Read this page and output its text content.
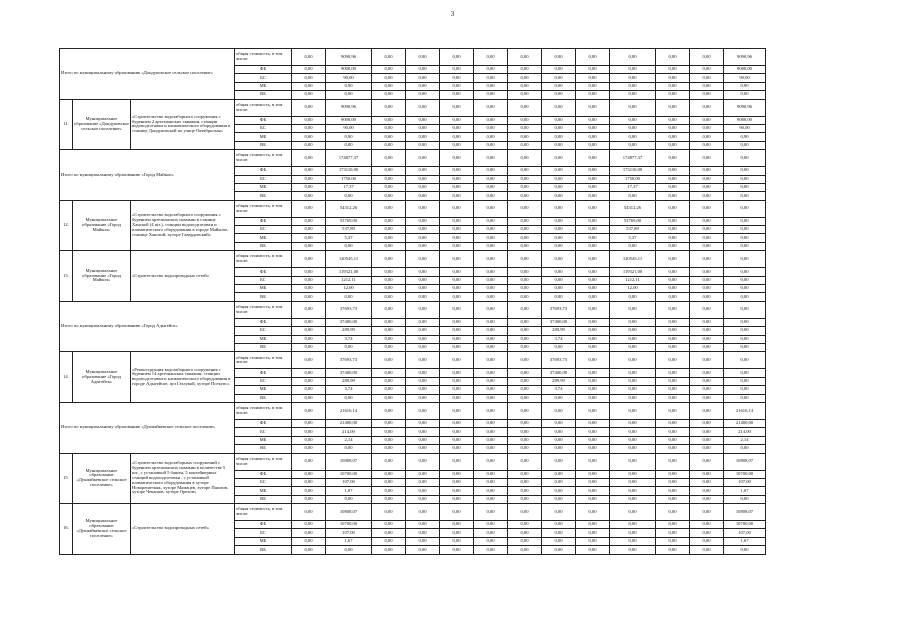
3
Итого по муниципальному образованию «Дондуковское сельское поселение»			общая стоимость, в том числе:	0,00	9090,96	0,00	0,00	0,00	0,00	0,00	0,00	0,00	0,00	0,00	0,00	9090,96
			ФБ	0,00	9000,00	0,00	0,00	0,00	0,00	0,00	0,00	0,00	0,00	0,00	0,00	9000,00
			БС	0,00	90,00	0,00	0,00	0,00	0,00	0,00	0,00	0,00	0,00	0,00	0,00	90,00
			МБ	0,00	0,90	0,00	0,00	0,00	0,00	0,00	0,00	0,00	0,00	0,00	0,00	0,90
			ВБ	0,00	0,00	0,00	0,00	0,00	0,00	0,00	0,00	0,00	0,00	0,00	0,00	0,00
11.	Муниципальное образование «Дондуковское сельское поселение»	«Строительство водозаборного сооружения с бурением 2 артезианских скважин, станции водоподготовки и климатического оборудования в станице Дондуковской по улице Октябрьская»	общая стоимость, в том числе:	0,00	9090,96	0,00	0,00	0,00	0,00	0,00	0,00	0,00	0,00	0,00	0,00	9090,96
			ФБ	0,00	9000,00	0,00	0,00	0,00	0,00	0,00	0,00	0,00	0,00	0,00	0,00	9000,00
			БС	0,00	90,00	0,00	0,00	0,00	0,00	0,00	0,00	0,00	0,00	0,00	0,00	90,00
			МБ	0,00	0,90	0,00	0,00	0,00	0,00	0,00	0,00	0,00	0,00	0,00	0,00	0,90
			ВБ	0,00	0,00	0,00	0,00	0,00	0,00	0,00	0,00	0,00	0,00	0,00	0,00	0,00
Итого по муниципальному образованию «Город Майкоп»			общая стоимость, в том числе:	0,00	174877,37	0,00	0,00	0,00	0,00	0,00	0,00	0,00	174877,37	0,00	0,00	0,00
			ФБ	0,00	173110,00	0,00	0,00	0,00	0,00	0,00	0,00	0,00	173110,00	0,00	0,00	0,00
			БС	0,00	1750,00	0,00	0,00	0,00	0,00	0,00	0,00	0,00	1750,00	0,00	0,00	0,00
			МБ	0,00	17,37	0,00	0,00	0,00	0,00	0,00	0,00	0,00	17,37	0,00	0,00	0,00
			ВБ	0,00	0,00	0,00	0,00	0,00	0,00	0,00	0,00	0,00	0,00	0,00	0,00	0,00
12.	Муниципальное образование «Город Майкоп»	«Строительство водозаборного сооружения с бурением артезианских скважин в станице Ханской (4 шт.), станции водоподготовки и климатического оборудования в городе Майкопе, станице Ханской, хуторе Гавердовский»	общая стоимость, в том числе:	0,00	54312,26	0,00	0,00	0,00	0,00	0,00	0,00	0,00	54312,26	0,00	0,00	0,00
			ФБ	0,00	53769,00	0,00	0,00	0,00	0,00	0,00	0,00	0,00	53769,00	0,00	0,00	0,00
			БС	0,00	537,89	0,00	0,00	0,00	0,00	0,00	0,00	0,00	537,89	0,00	0,00	0,00
			МБ	0,00	5,37	0,00	0,00	0,00	0,00	0,00	0,00	0,00	5,37	0,00	0,00	0,00
			ВБ	0,00	0,00	0,00	0,00	0,00	0,00	0,00	0,00	0,00	0,00	0,00	0,00	0,00
13.	Муниципальное образование «Город Майкоп»	«Строительство водопроводных сетей»	общая стоимость, в том числе:	0,00	120545,11	0,00	0,00	0,00	0,00	0,00	0,00	0,00	120545,11	0,00	0,00	0,00
			ФБ	0,00	119321,00	0,00	0,00	0,00	0,00	0,00	0,00	0,00	119321,00	0,00	0,00	0,00
			БС	0,00	1212,11	0,00	0,00	0,00	0,00	0,00	0,00	0,00	1212,11	0,00	0,00	0,00
			МБ	0,00	12,00	0,00	0,00	0,00	0,00	0,00	0,00	0,00	12,00	0,00	0,00	0,00
			ВБ	0,00	0,00	0,00	0,00	0,00	0,00	0,00	0,00	0,00	0,00	0,00	0,00	0,00
Итого по муниципальному образованию «Город Адыгейск»			общая стоимость, в том числе:	0,00	37693,73	0,00	0,00	0,00	0,00	0,00	37693,73	0,00	0,00	0,00	0,00	0,00
			ФБ	0,00	37400,00	0,00	0,00	0,00	0,00	0,00	37400,00	0,00	0,00	0,00	0,00	0,00
			БС	0,00	289,99	0,00	0,00	0,00	0,00	0,00	289,99	0,00	0,00	0,00	0,00	0,00
			МБ	0,00	3,74	0,00	0,00	0,00	0,00	0,00	3,74	0,00	0,00	0,00	0,00	0,00
			ВБ	0,00	0,00	0,00	0,00	0,00	0,00	0,00	0,00	0,00	0,00	0,00	0,00	0,00
14.	Муниципальное образование «Город Адыгейск»	«Реконструкция водозаборного сооружения с бурением 14 артезианских скважин, станции водоподготовки и климатического оборудования в городе Адыгейске, аул Гатлукай, хуторе Псекупс»	общая стоимость, в том числе:	0,00	37693,73	0,00	0,00	0,00	0,00	0,00	37693,73	0,00	0,00	0,00	0,00	0,00
			ФБ	0,00	37400,00	0,00	0,00	0,00	0,00	0,00	37400,00	0,00	0,00	0,00	0,00	0,00
			БС	0,00	289,99	0,00	0,00	0,00	0,00	0,00	289,99	0,00	0,00	0,00	0,00	0,00
			МБ	0,00	3,74	0,00	0,00	0,00	0,00	0,00	3,74	0,00	0,00	0,00	0,00	0,00
			ВБ	0,00	0,00	0,00	0,00	0,00	0,00	0,00	0,00	0,00	0,00	0,00	0,00	0,00
Итого по муниципальному образованию «Дукмайкевское сельское поселение»			общая стоимость, в том числе:	0,00	21616,14	0,00	0,00	0,00	0,00	0,00	0,00	0,00	0,00	0,00	0,00	21616,14
			ФБ	0,00	21400,00	0,00	0,00	0,00	0,00	0,00	0,00	0,00	0,00	0,00	0,00	21400,00
			БС	0,00	214,00	0,00	0,00	0,00	0,00	0,00	0,00	0,00	0,00	0,00	0,00	214,00
			МБ	0,00	2,14	0,00	0,00	0,00	0,00	0,00	0,00	0,00	0,00	0,00	0,00	2,14
			ВБ	0,00	0,00	0,00	0,00	0,00	0,00	0,00	0,00	0,00	0,00	0,00	0,00	0,00
15.	Муниципальное образование «Дукмайкевское сельское поселение»	«Строительство водозаборных сооружений с бурением артезианских скважин в количестве 5 шт., с установкой 5 башен, 5 контейнерных станций водоподготовки , с установкой климатического оборудования в хуторе Новорешетняк, хуторе Мамацев, хуторе Пшизов, хуторе Чекашов, хуторе Орехов»	общая стоимость, в том числе:	0,00	10808,07	0,00	0,00	0,00	0,00	0,00	0,00	0,00	0,00	0,00	0,00	10808,07
			ФБ	0,00	10700,00	0,00	0,00	0,00	0,00	0,00	0,00	0,00	0,00	0,00	0,00	10700,00
			БС	0,00	107,00	0,00	0,00	0,00	0,00	0,00	0,00	0,00	0,00	0,00	0,00	107,00
			МБ	0,00	1,07	0,00	0,00	0,00	0,00	0,00	0,00	0,00	0,00	0,00	0,00	1,07
			ВБ	0,00	0,00	0,00	0,00	0,00	0,00	0,00	0,00	0,00	0,00	0,00	0,00	0,00
16.	Муниципальное образование «Дукмайкевское сельское поселение»	«Строительство водопроводных сетей»	общая стоимость, в том числе:	0,00	10808,07	0,00	0,00	0,00	0,00	0,00	0,00	0,00	0,00	0,00	0,00	10808,07
			ФБ	0,00	10700,00	0,00	0,00	0,00	0,00	0,00	0,00	0,00	0,00	0,00	0,00	10700,00
			БС	0,00	107,00	0,00	0,00	0,00	0,00	0,00	0,00	0,00	0,00	0,00	0,00	107,00
			МБ	0,00	1,67	0,00	0,00	0,00	0,00	0,00	0,00	0,00	0,00	0,00	0,00	1,67
			ВБ	0,00	0,00	0,00	0,00	0,00	0,00	0,00	0,00	0,00	0,00	0,00	0,00	0,00
